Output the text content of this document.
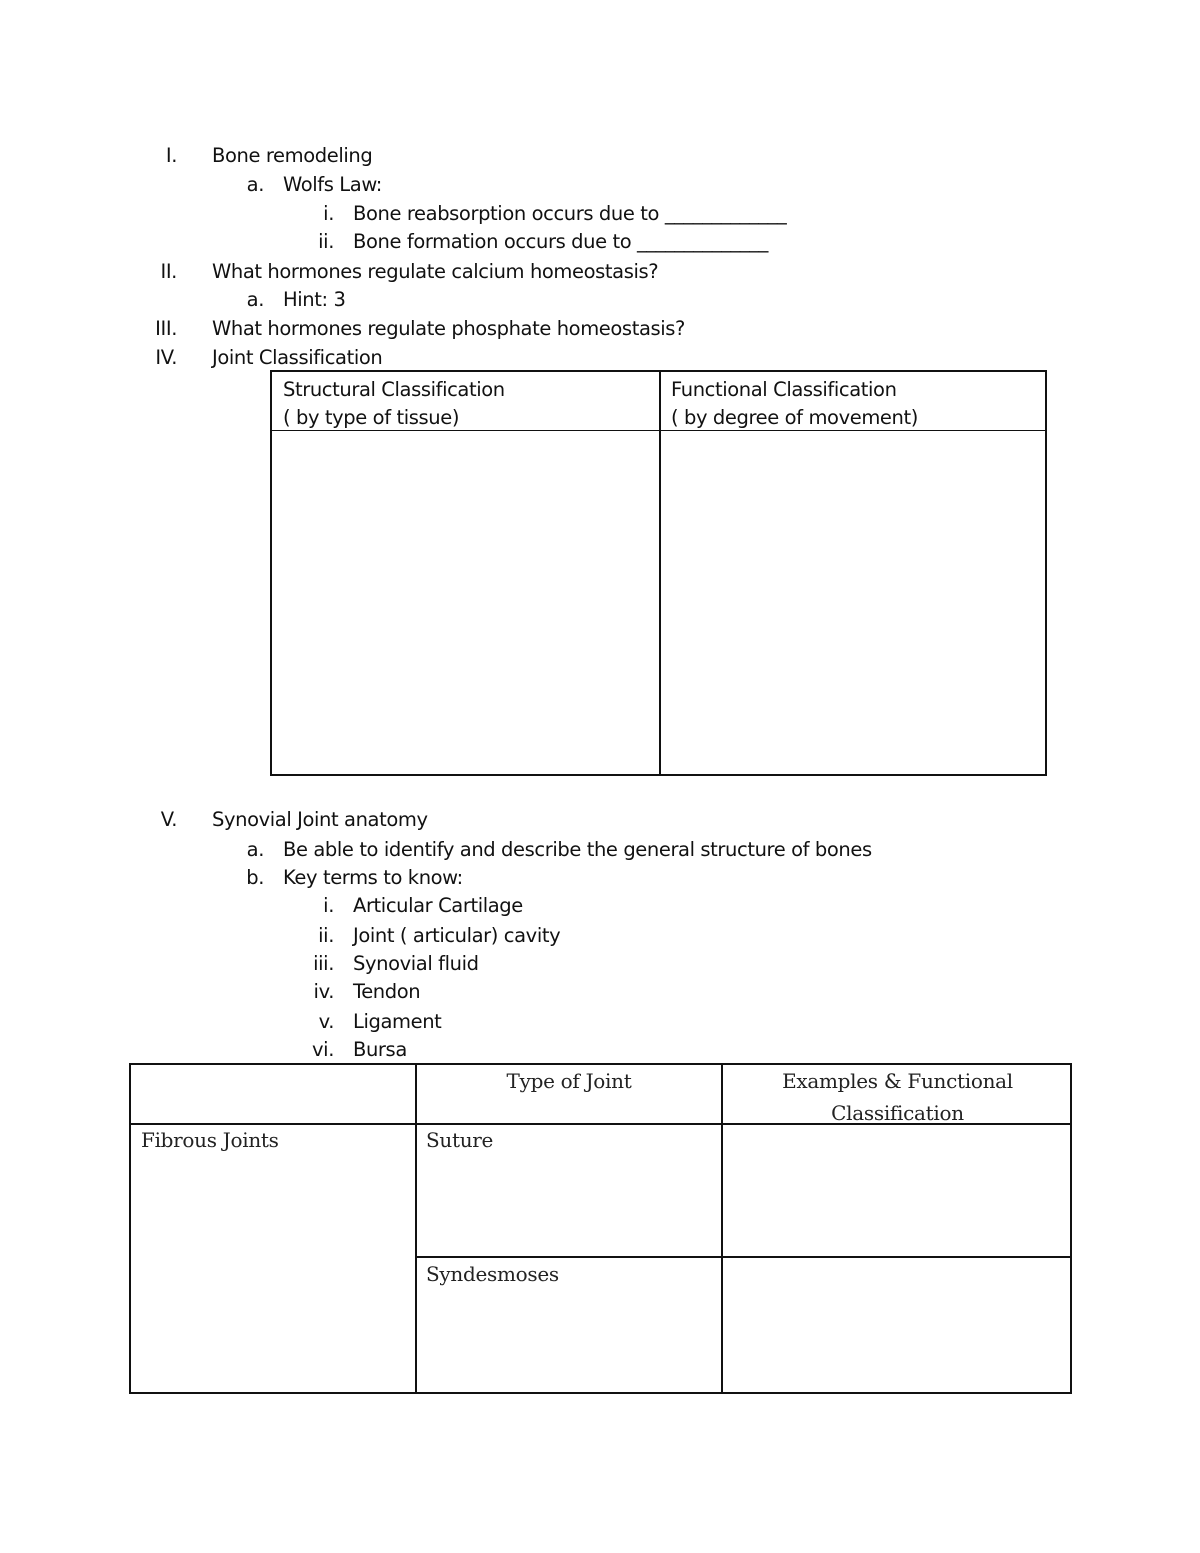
I. Bone remodeling
a. Wolfs Law:
i. Bone reabsorption occurs due to _____________
ii. Bone formation occurs due to ______________
II. What hormones regulate calcium homeostasis?
a. Hint: 3
III. What hormones regulate phosphate homeostasis?
IV. Joint Classification
Structural Classification
( by type of tissue)
Functional Classification
( by degree of movement)
V. Synovial Joint anatomy
a. Be able to identify and describe the general structure of bones
b. Key terms to know:
i. Articular Cartilage
ii. Joint ( articular) cavity
iii. Synovial fluid
iv. Tendon
v. Ligament
vi. Bursa
Type of Joint	Examples & Functional
Classification
Fibrous Joints	Suture
Syndesmoses
